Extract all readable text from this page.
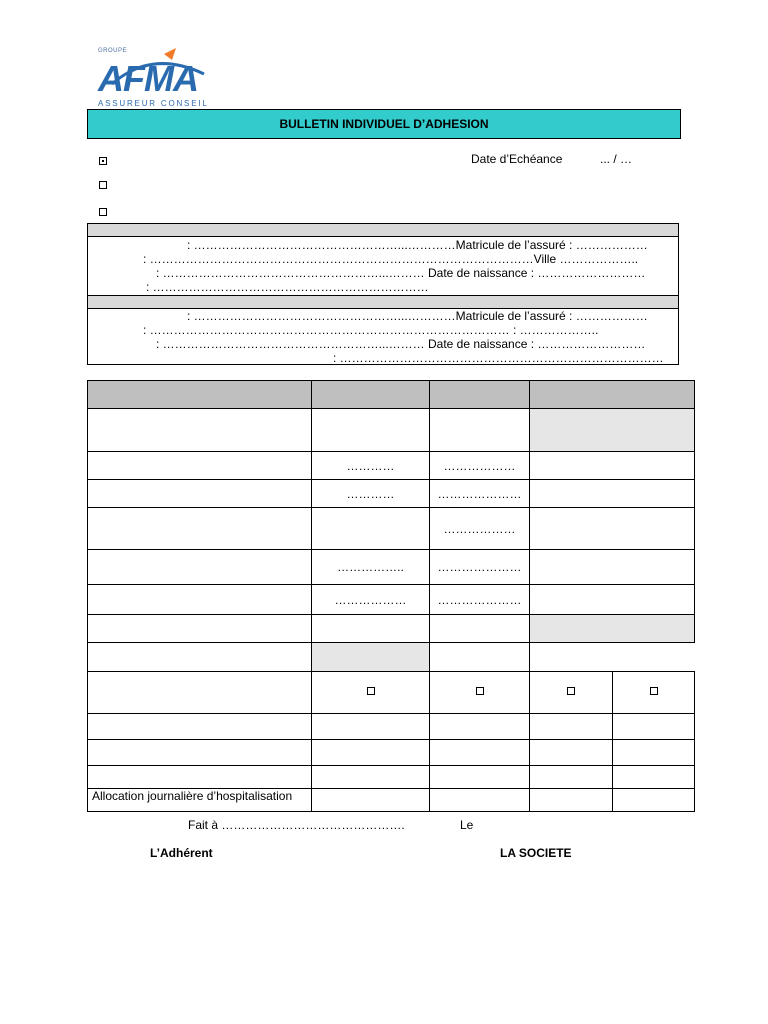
GROUPE
AFMA
ASSUREUR CONSEIL
BULLETIN INDIVIDUEL D’ADHESION
Date d’Echéance	... / …
: ……………………………………………...…………Matricule de l’assuré : ………………
: ……………………………………………………………………………………Ville ………………..
: ………………………………………………...……… Date de naissance : ………………………
: ……………………………………………………………
: ……………………………………………...…………Matricule de l’assuré : ………………
: ……………………………………………………………………………… : ………………..
: ………………………………………………...……… Date de naissance : ………………………
: ………………………………………………………………………

	…………	………………		
	…………	…………………		
		………………		
	……………..	…………………		
	………………	…………………		

Allocation journalière d’hospitalisation				
Fait à ……………………………………….	Le
L’Adhérent	LA SOCIETE
